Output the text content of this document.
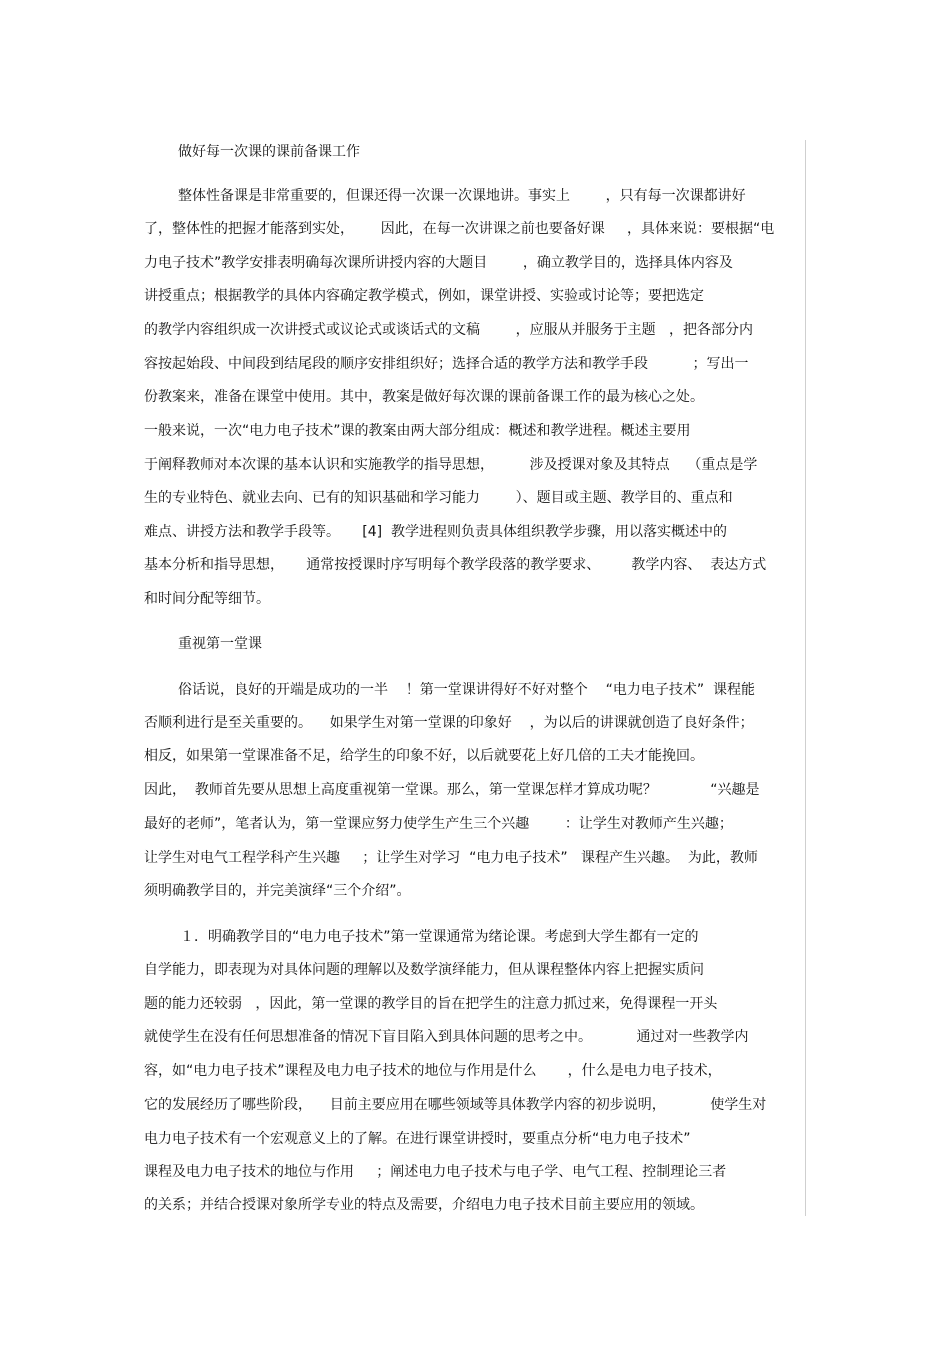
做好每一次课的课前备课工作
整体性备课是非常重要的，但课还得一次课一次课地讲。事实上        ，只有每一次课都讲好
了，整体性的把握才能落到实处，      因此，在每一次讲课之前也要备好课     ，具体来说：要根据“电
力电子技术”教学安排表明确每次课所讲授内容的大题目        ，确立教学目的，选择具体内容及
讲授重点；根据教学的具体内容确定教学模式，例如，课堂讲授、实验或讨论等；要把选定
的教学内容组织成一次讲授式或议论式或谈话式的文稿        ，应服从并服务于主题   ，把各部分内
容按起始段、中间段到结尾段的顺序安排组织好；选择合适的教学方法和教学手段          ；写出一
份教案来，准备在课堂中使用。其中，教案是做好每次课的课前备课工作的最为核心之处。
一般来说，一次“电力电子技术”课的教案由两大部分组成：概述和教学进程。概述主要用
于阐释教师对本次课的基本认识和实施教学的指导思想，        涉及授课对象及其特点    （重点是学
生的专业特色、就业去向、已有的知识基础和学习能力        ）、题目或主题、教学目的、重点和
难点、讲授方法和教学手段等。     [4]  教学进程则负责具体组织教学步骤，用以落实概述中的
基本分析和指导思想，     通常按授课时序写明每个教学段落的教学要求、       教学内容、  表达方式
和时间分配等细节。
重视第一堂课
俗话说，良好的开端是成功的一半    ！第一堂课讲得好不好对整个    “电力电子技术”  课程能
否顺利进行是至关重要的。    如果学生对第一堂课的印象好    ，为以后的讲课就创造了良好条件；
相反，如果第一堂课准备不足，给学生的印象不好，以后就要花上好几倍的工夫才能挽回。
因此，  教师首先要从思想上高度重视第一堂课。那么，第一堂课怎样才算成功呢？            “兴趣是
最好的老师”，笔者认为，第一堂课应努力使学生产生三个兴趣        ：让学生对教师产生兴趣；
让学生对电气工程学科产生兴趣     ；让学生对学习  “电力电子技术”   课程产生兴趣。  为此，教师
须明确教学目的，并完美演绎“三个介绍”。
１．明确教学目的“电力电子技术”第一堂课通常为绪论课。考虑到大学生都有一定的
自学能力，即表现为对具体问题的理解以及数学演绎能力，但从课程整体内容上把握实质问
题的能力还较弱   ，因此，第一堂课的教学目的旨在把学生的注意力抓过来，免得课程一开头
就使学生在没有任何思想准备的情况下盲目陷入到具体问题的思考之中。          通过对一些教学内
容，如“电力电子技术”课程及电力电子技术的地位与作用是什么       ，什么是电力电子技术，
它的发展经历了哪些阶段，    目前主要应用在哪些领域等具体教学内容的初步说明，          使学生对
电力电子技术有一个宏观意义上的了解。在进行课堂讲授时，要重点分析“电力电子技术”
课程及电力电子技术的地位与作用     ；阐述电力电子技术与电子学、电气工程、控制理论三者
的关系；并结合授课对象所学专业的特点及需要，介绍电力电子技术目前主要应用的领域。
